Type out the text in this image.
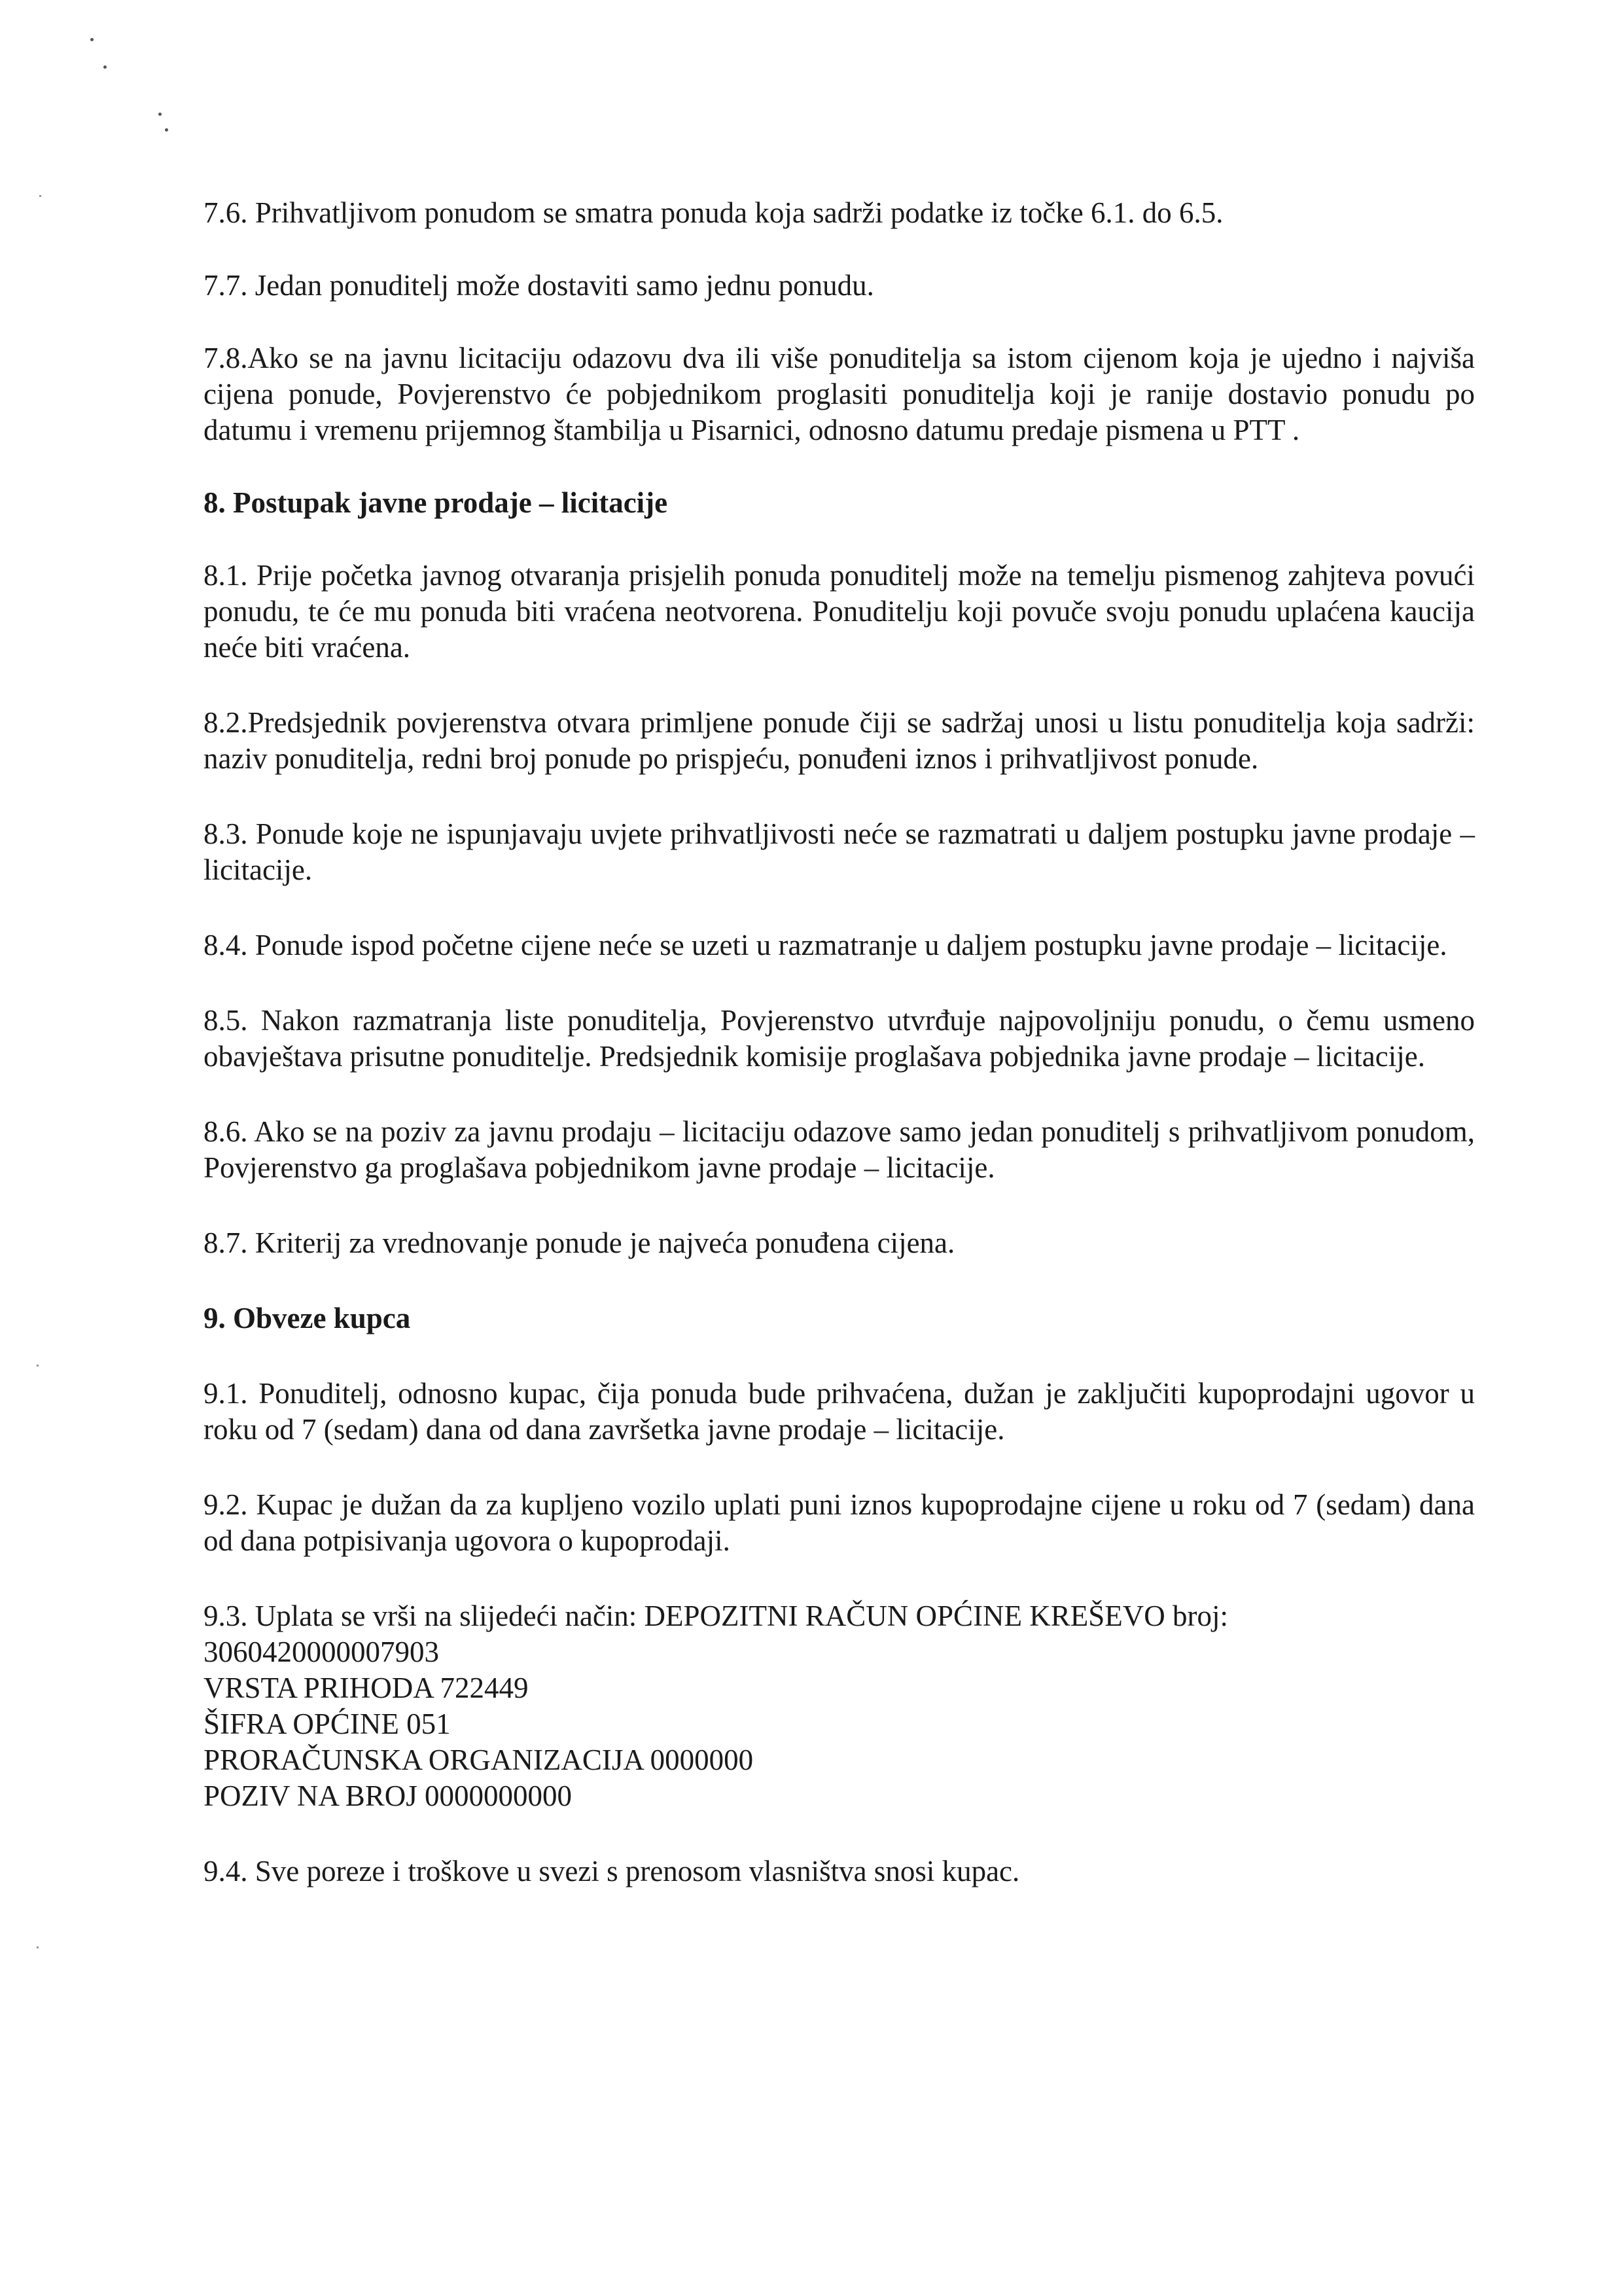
7.6. Prihvatljivom ponudom se smatra ponuda koja sadrži podatke iz točke 6.1. do 6.5.

7.7. Jedan ponuditelj može dostaviti samo jednu ponudu.

7.8.Ako se na javnu licitaciju odazovu dva ili više ponuditelja sa istom cijenom koja je ujedno i najviša cijena ponude, Povjerenstvo će pobjednikom proglasiti ponuditelja koji je ranije dostavio ponudu po datumu i vremenu prijemnog štambilja u Pisarnici, odnosno datumu predaje pismena u PTT .

8. Postupak javne prodaje – licitacije

8.1. Prije početka javnog otvaranja prisjelih ponuda ponuditelj može na temelju pismenog zahjteva povući ponudu, te će mu ponuda biti vraćena neotvorena. Ponuditelju koji povuče svoju ponudu uplaćena kaucija neće biti vraćena.

8.2.Predsjednik povjerenstva otvara primljene ponude čiji se sadržaj unosi u listu ponuditelja koja sadrži: naziv ponuditelja, redni broj ponude po prispjeću, ponuđeni iznos i prihvatljivost ponude.

8.3. Ponude koje ne ispunjavaju uvjete prihvatljivosti neće se razmatrati u daljem postupku javne prodaje – licitacije.

8.4. Ponude ispod početne cijene neće se uzeti u razmatranje u daljem postupku javne prodaje – licitacije.

8.5. Nakon razmatranja liste ponuditelja, Povjerenstvo utvrđuje najpovoljniju ponudu, o čemu usmeno obavještava prisutne ponuditelje. Predsjednik komisije proglašava pobjednika javne prodaje – licitacije.

8.6. Ako se na poziv za javnu prodaju – licitaciju odazove samo jedan ponuditelj s prihvatljivom ponudom, Povjerenstvo ga proglašava pobjednikom javne prodaje – licitacije.

8.7. Kriterij za vrednovanje ponude je najveća ponuđena cijena.

9. Obveze kupca

9.1. Ponuditelj, odnosno kupac, čija ponuda bude prihvaćena, dužan je zaključiti kupoprodajni ugovor u roku od 7 (sedam) dana od dana završetka javne prodaje – licitacije.

9.2. Kupac je dužan da za kupljeno vozilo uplati puni iznos kupoprodajne cijene u roku od 7 (sedam) dana od dana potpisivanja ugovora o kupoprodaji.

9.3. Uplata se vrši na slijedeći način: DEPOZITNI RAČUN OPĆINE KREŠEVO broj:

3060420000007903

VRSTA PRIHODA 722449

ŠIFRA OPĆINE 051

PRORAČUNSKA ORGANIZACIJA 0000000

POZIV NA BROJ 0000000000

9.4. Sve poreze i troškove u svezi s prenosom vlasništva snosi kupac.
